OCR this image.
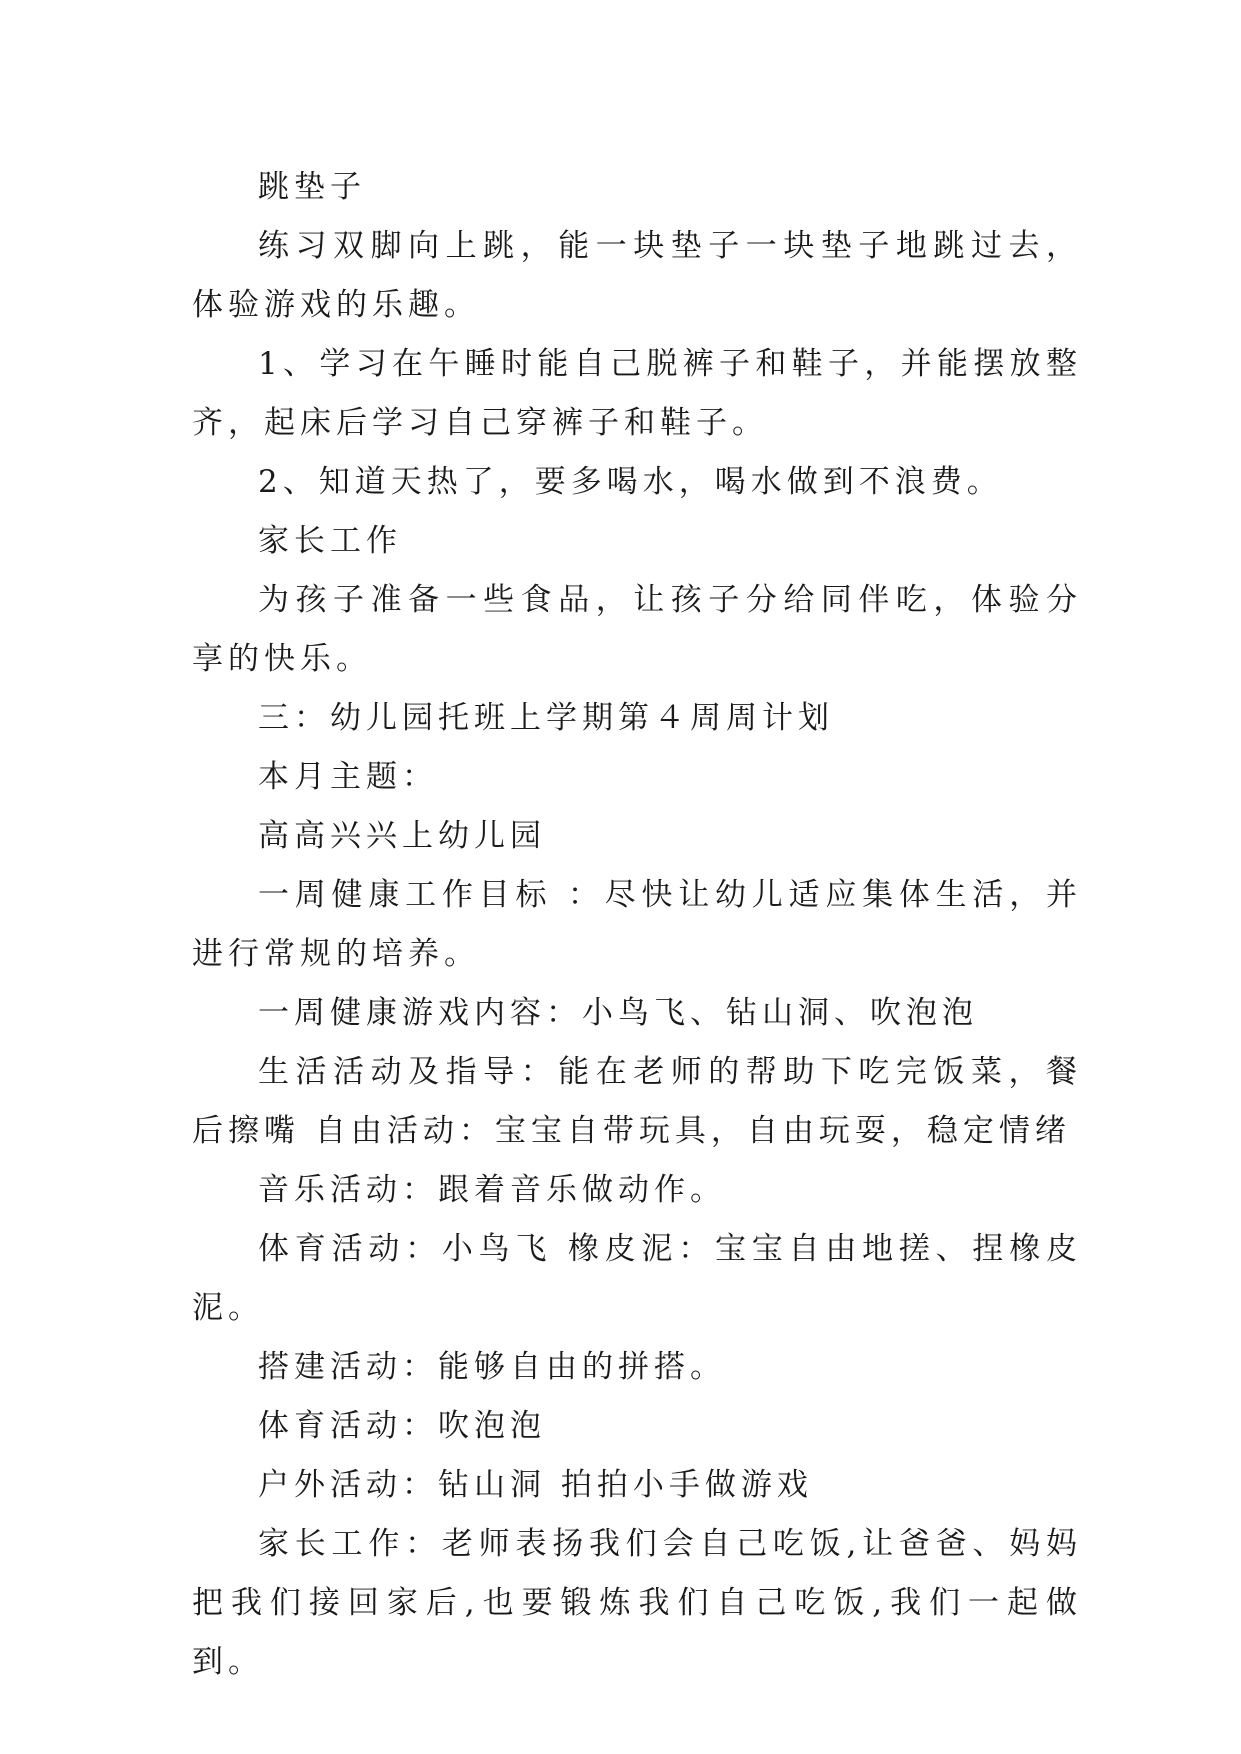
跳垫子

练习双脚向上跳，能一块垫子一块垫子地跳过去，体验游戏的乐趣。

1、学习在午睡时能自己脱裤子和鞋子，并能摆放整齐，起床后学习自己穿裤子和鞋子。

2、知道天热了，要多喝水，喝水做到不浪费。

家长工作

为孩子准备一些食品，让孩子分给同伴吃，体验分享的快乐。

三：幼儿园托班上学期第４周周计划

本月主题：

高高兴兴上幼儿园

一周健康工作目标 ：尽快让幼儿适应集体生活，并进行常规的培养。

一周健康游戏内容：小鸟飞、钻山洞、吹泡泡

生活活动及指导：能在老师的帮助下吃完饭菜，餐后擦嘴 自由活动：宝宝自带玩具，自由玩耍，稳定情绪

音乐活动：跟着音乐做动作。

体育活动：小鸟飞 橡皮泥：宝宝自由地搓、捏橡皮泥。

搭建活动：能够自由的拼搭。

体育活动：吹泡泡

户外活动：钻山洞 拍拍小手做游戏

家长工作：老师表扬我们会自己吃饭,让爸爸、妈妈把我们接回家后,也要锻炼我们自己吃饭,我们一起做到。
